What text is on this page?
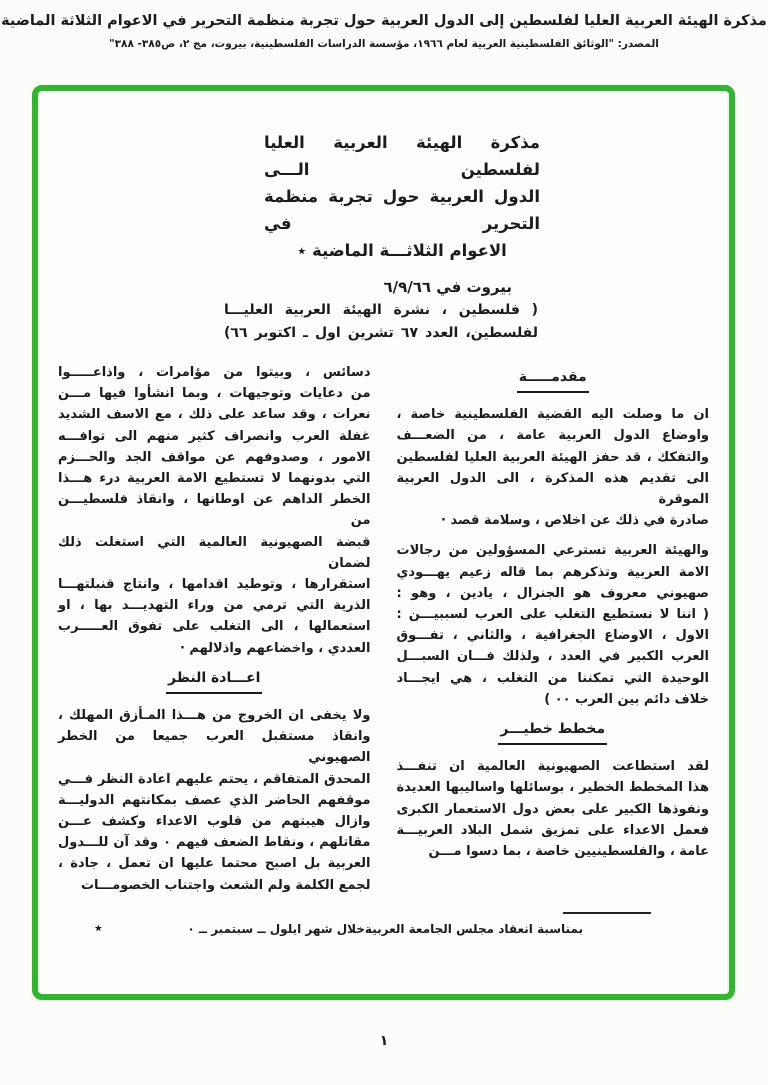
مذكرة الهيئة العربية العليا لفلسطين إلى الدول العربية حول تجربة منظمة التحرير في الاعوام الثلاثة الماضية
المصدر: "الوثائق الفلسطينية العربية لعام ١٩٦٦، مؤسسة الدراسات الفلسطينية، بيروت، مج ٢، ص٣٨٥- ٣٨٨"
مذكرة الهيئة العربية العليا لفلسطين الـــى
الدول العربية حول تجربة منظمة التحرير في
الاعوام الثلاثـــة الماضية ٭
بيروت في ٦/٩/٦٦
( فلسطين ، نشرة الهيئة العربية العليـــا
لفلسطين، العدد ٦٧ تشرين اول ـ اكتوبر ٦٦)
مقدمـــــة
ان ما وصلت اليه القضية الفلسطينية خاصة ،
واوضاع الدول العربية عامة ، من الضعـــف
والتفكك ، قد حفز الهيئة العربية العليا لفلسطين
الى تقديم هذه المذكرة ، الى الدول العربية الموقرة
صادرة في ذلك عن اخلاص ، وسلامة قصد ·
والهيئة العربية تسترعي المسؤولين من رجالات
الامة العربية وتذكرهم بما قاله زعيم يهـــودي
صهيوني معروف هو الجنرال ، يادين ، وهو :
( اننا لا نستطيع التغلب على العرب لسببيـــن :
الاول ، الاوضاع الجغرافية ، والثاني ، تفـــوق
العرب الكبير في العدد ، ولذلك فـــان السبـــل
الوحيدة التي تمكننا من التغلب ، هي ايجـــاد
خلاف دائم بين العرب ٠٠ )
مخطط خطيـــر
لقد استطاعت الصهيونية العالمية ان تنفـــذ
هذا المخطط الخطير ، بوسائلها واساليبها العديدة
ونفوذها الكبير على بعض دول الاستعمار الكبرى
فعمل الاعداء على تمزيق شمل البلاد العربيـــة
عامة ، والفلسطينيين خاصة ، بما دسوا مـــن
دسائس ، وبيتوا من مؤامرات ، واذاعـــــوا
من دعايات وتوجيهات ، وبما انشأوا فيها مـــن
نعرات ، وقد ساعد على ذلك ، مع الاسف الشديد
غفلة العرب وانصراف كثير منهم الى توافـــه
الامور ، وصدوفهم عن مواقف الجد والحـــزم
التي بدونهما لا تستطيع الامة العربية درء هـــذا
الخطر الداهم عن اوطانها ، وانقاذ فلسطيـــن من
قبضة الصهيونية العالمية التي استغلت ذلك لضمان
استقرارها ، وتوطيد اقدامها ، وانتاج قنبلتهـــا
الذرية التي ترمي من وراء التهديـــد بها ، او
استعمالها ، الى التغلب على تفوق العـــــرب
العددي ، واخضاعهم واذلالهم ·
اعـــادة النظر
ولا يخفى ان الخروج من هـــذا المـأزق المهلك ،
وانقاذ مستقبل العرب جميعا من الخطر الصهيوني
المحدق المتفاقم ، يحتم عليهم اعادة النظر فـــي
موقفهم الحاضر الذي عصف بمكانتهم الدوليـــة
وازال هيبتهم من قلوب الاعداء وكشف عـــن
مقاتلهم ، ونقاط الضعف فيهم ٠ وقد آن للـــدول
العربية بل اصبح محتما عليها ان تعمل ، جادة ،
لجمع الكلمة ولم الشعث واجتناب الخصومـــات
بمناسبة انعقاد مجلس الجامعة العربيةخلال شهر ايلول ــ سبتمبر ــ ٠
٭
١
